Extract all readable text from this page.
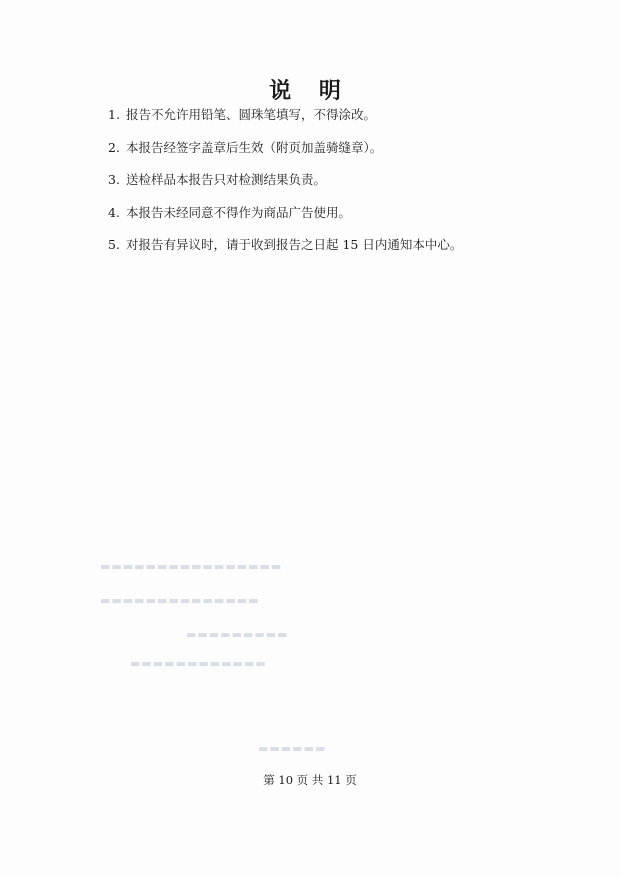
说 明
1. 报告不允许用铅笔、圆珠笔填写，不得涂改。
2. 本报告经签字盖章后生效（附页加盖骑缝章）。
3. 送检样品本报告只对检测结果负责。
4. 本报告未经同意不得作为商品广告使用。
5. 对报告有异议时，请于收到报告之日起 15 日内通知本中心。
▬▬▬▬▬▬▬▬▬▬▬▬▬▬▬▬
▬▬▬▬▬▬▬▬▬▬▬▬▬▬
▬▬▬▬▬▬▬▬▬
▬▬▬▬▬▬▬▬▬▬▬▬
▬▬▬▬▬▬
第 10 页 共 11 页
